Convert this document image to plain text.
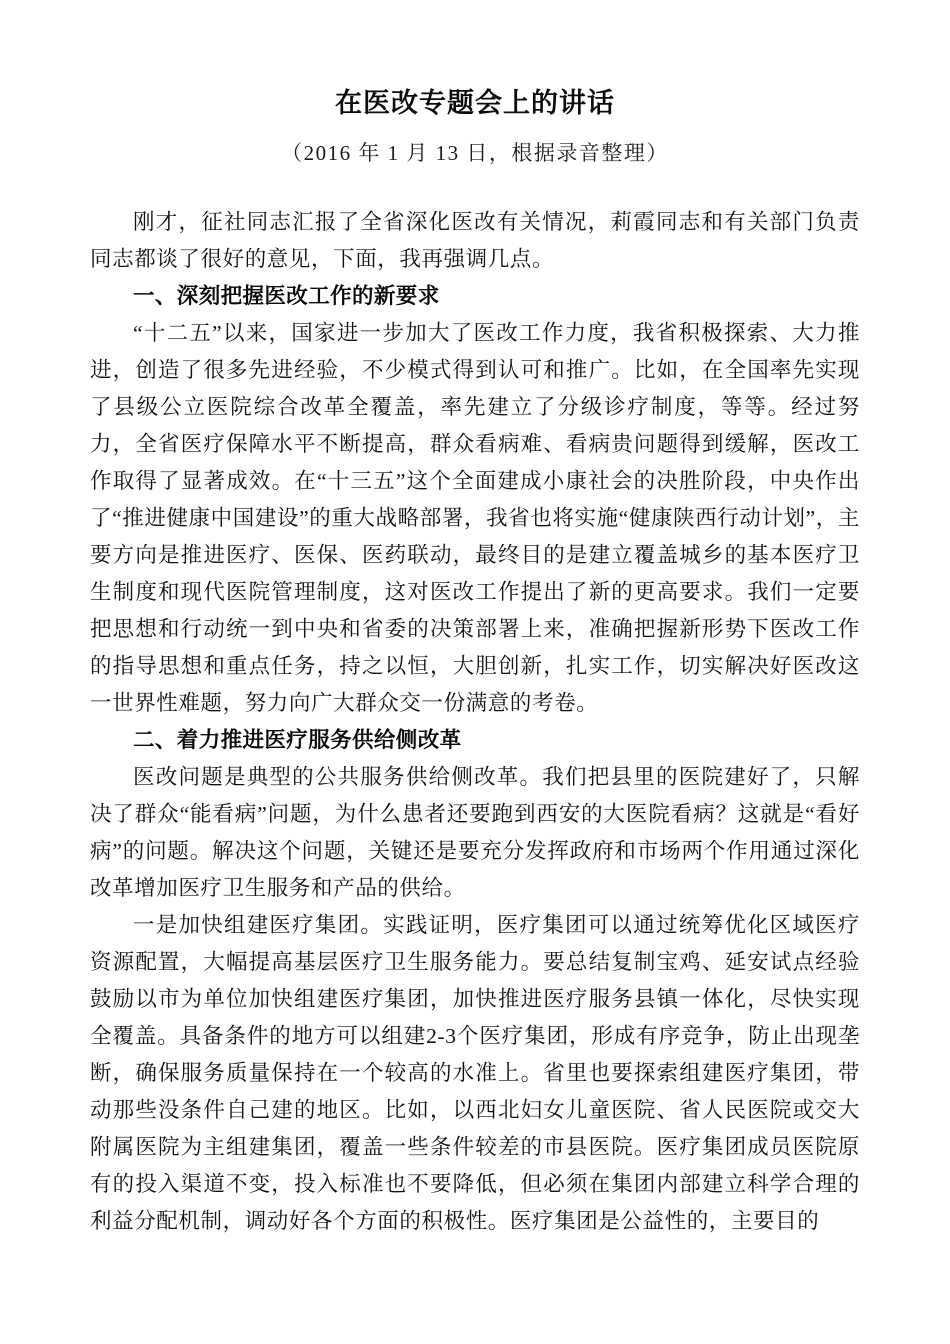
在医改专题会上的讲话
（2016 年 1 月 13 日，根据录音整理）

刚才，征社同志汇报了全省深化医改有关情况，莉霞同志和有关部门负责同志都谈了很好的意见，下面，我再强调几点。

一、深刻把握医改工作的新要求

“十二五”以来，国家进一步加大了医改工作力度，我省积极探索、大力推进，创造了很多先进经验，不少模式得到认可和推广。比如，在全国率先实现了县级公立医院综合改革全覆盖，率先建立了分级诊疗制度，等等。经过努力，全省医疗保障水平不断提高，群众看病难、看病贵问题得到缓解，医改工作取得了显著成效。在“十三五”这个全面建成小康社会的决胜阶段，中央作出了“推进健康中国建设”的重大战略部署，我省也将实施“健康陕西行动计划”，主要方向是推进医疗、医保、医药联动，最终目的是建立覆盖城乡的基本医疗卫生制度和现代医院管理制度，这对医改工作提出了新的更高要求。我们一定要把思想和行动统一到中央和省委的决策部署上来，准确把握新形势下医改工作的指导思想和重点任务，持之以恒，大胆创新，扎实工作，切实解决好医改这一世界性难题，努力向广大群众交一份满意的考卷。

二、着力推进医疗服务供给侧改革

医改问题是典型的公共服务供给侧改革。我们把县里的医院建好了，只解决了群众“能看病”问题，为什么患者还要跑到西安的大医院看病？这就是“看好病”的问题。解决这个问题，关键还是要充分发挥政府和市场两个作用通过深化改革增加医疗卫生服务和产品的供给。

一是加快组建医疗集团。实践证明，医疗集团可以通过统筹优化区域医疗资源配置，大幅提高基层医疗卫生服务能力。要总结复制宝鸡、延安试点经验鼓励以市为单位加快组建医疗集团，加快推进医疗服务县镇一体化，尽快实现全覆盖。具备条件的地方可以组建2-3个医疗集团，形成有序竞争，防止出现垄断，确保服务质量保持在一个较高的水准上。省里也要探索组建医疗集团，带动那些没条件自己建的地区。比如，以西北妇女儿童医院、省人民医院或交大附属医院为主组建集团，覆盖一些条件较差的市县医院。医疗集团成员医院原有的投入渠道不变，投入标准也不要降低，但必须在集团内部建立科学合理的利益分配机制，调动好各个方面的积极性。医疗集团是公益性的，主要目的
